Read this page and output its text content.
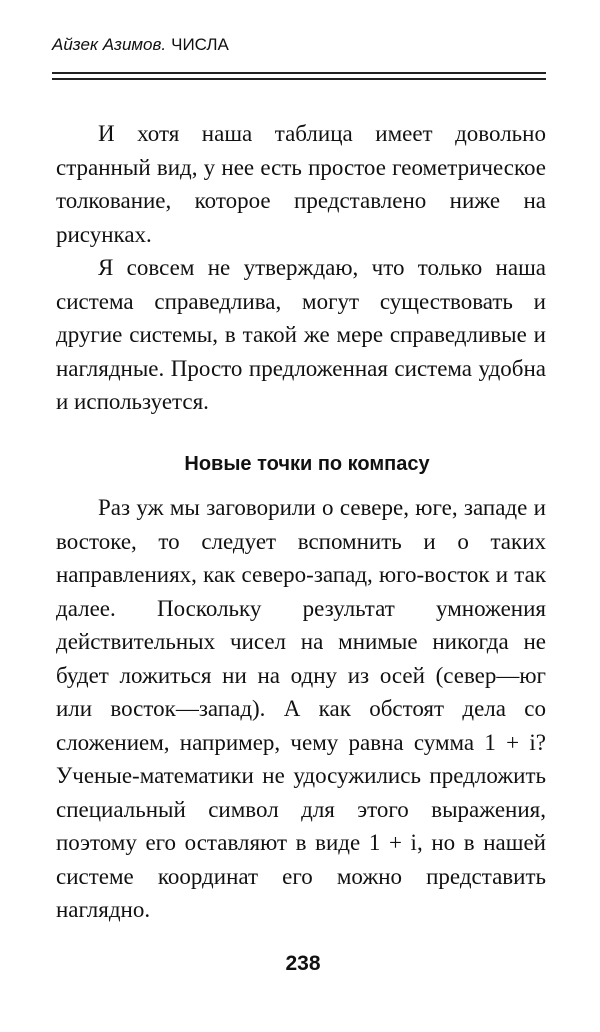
Айзек Азимов. ЧИСЛА

И хотя наша таблица имеет довольно странный вид, у нее есть простое геометрическое толкование, которое представлено ниже на рисунках.

Я совсем не утверждаю, что только наша система справедлива, могут существовать и другие системы, в такой же мере справедливые и наглядные. Просто предложенная система удобна и используется.

Новые точки по компасу

Раз уж мы заговорили о севере, юге, западе и востоке, то следует вспомнить и о таких направлениях, как северо-запад, юго-восток и так далее. Поскольку результат умножения действительных чисел на мнимые никогда не будет ложиться ни на одну из осей (север—юг или восток—запад). А как обстоят дела со сложением, например, чему равна сумма 1 + i? Ученые-математики не удосужились предложить специальный символ для этого выражения, поэтому его оставляют в виде 1 + i, но в нашей системе координат его можно представить наглядно.

238
